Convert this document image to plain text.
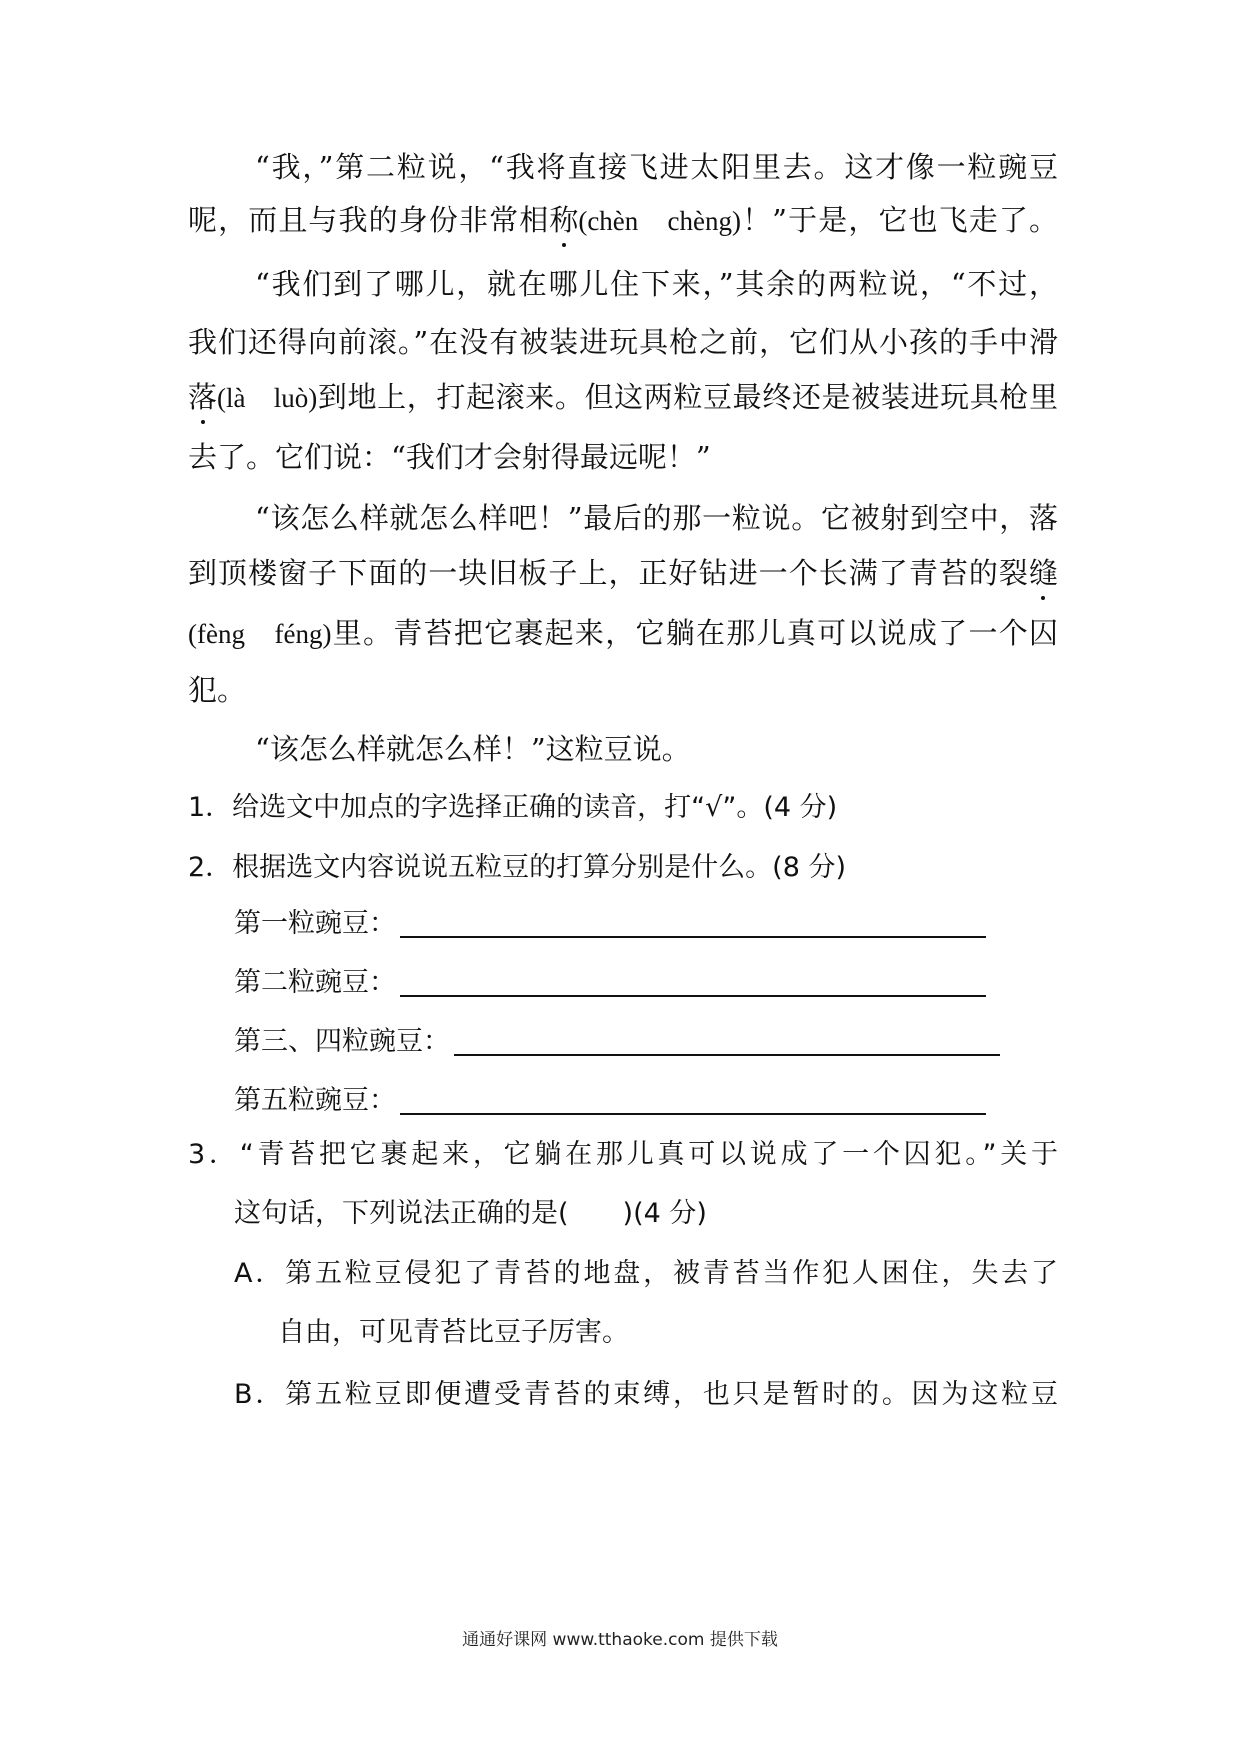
“我，”第二粒说，“我将直接飞进太阳里去。这才像一粒豌豆

呢，而且与我的身份非常相称(chèn　chèng)！”于是，它也飞走了。

“我们到了哪儿，就在哪儿住下来，”其余的两粒说，“不过，

我们还得向前滚。”在没有被装进玩具枪之前，它们从小孩的手中滑

落(là　luò)到地上，打起滚来。但这两粒豆最终还是被装进玩具枪里

去了。它们说：“我们才会射得最远呢！”

“该怎么样就怎么样吧！”最后的那一粒说。它被射到空中，落

到顶楼窗子下面的一块旧板子上，正好钻进一个长满了青苔的裂缝

(fèng　féng)里。青苔把它裹起来，它躺在那儿真可以说成了一个囚

犯。

“该怎么样就怎么样！”这粒豆说。

1．给选文中加点的字选择正确的读音，打“√”。(4 分)

2．根据选文内容说说五粒豆的打算分别是什么。(8 分)

第一粒豌豆：
第二粒豌豆：
第三、四粒豌豆：
第五粒豌豆：

3．“青苔把它裹起来，它躺在那儿真可以说成了一个囚犯。”关于

这句话，下列说法正确的是(　　)(4 分)

A．第五粒豆侵犯了青苔的地盘，被青苔当作犯人困住，失去了

自由，可见青苔比豆子厉害。

B．第五粒豆即便遭受青苔的束缚，也只是暂时的。因为这粒豆

通通好课网 www.tthaoke.com 提供下载
